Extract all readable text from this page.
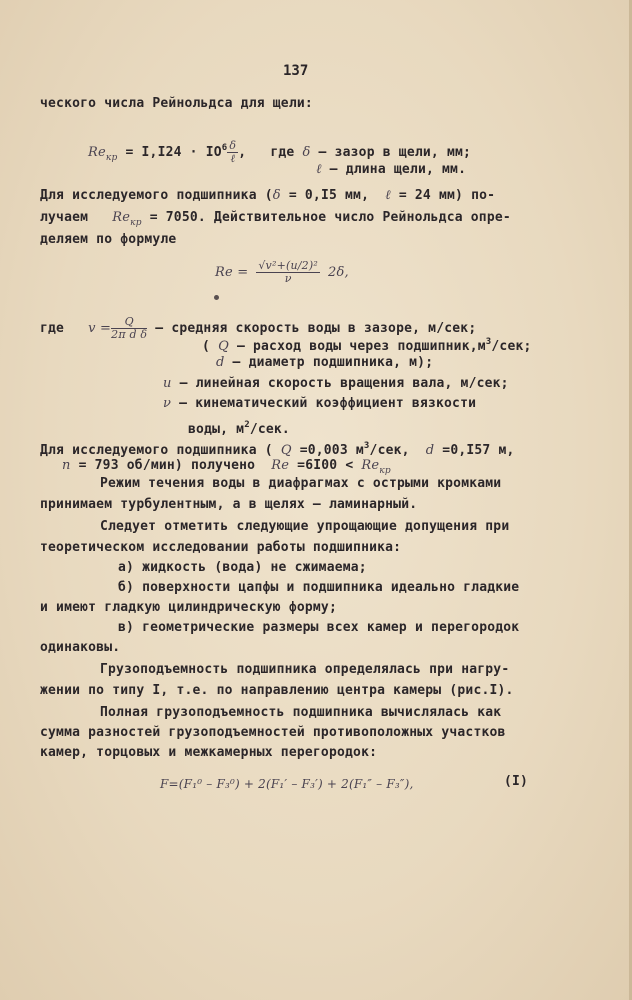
137
ческого числа Рейнольдса для щели:
$Re_{кр} = I,I24 \cdot IO^6 \frac{\delta}{\text{ℓ}}$ ,   где δ – зазор в щели, мм;
ℓ – длина щели, мм.
Для исследуемого подшипника (δ = 0,I5 мм, ℓ = 24 мм) по-
лучаем   $Re_{кр} = 7050$. Действительное число Рейнольдса опре-
деляем по формуле
$Re = \frac{\text{√v²+(u/2)²}}{\nu} 2\delta$,
где   $v = \frac{Q}{\text{2π d δ}}$ – средняя скорость воды в зазоре, м/сек;
( Q – расход воды через $подшипник,м^3$/сек;
d – диаметр подшипника, м);
u – линейная скорость вращения вала, м/сек;
ν – кинематический коэффициент вязкости
воды, $м^2$/сек.
Для исследуемого подшипника ( Q =0,003 $м^3$/сек,  d =0,I57 м,
n = 793 об/мин) получено  $Re =6I00 < Re_{кр}$
Режим течения воды в диафрагмах с острыми кромками
принимаем турбулентным, а в щелях – ламинарный.
Следует отметить следующие упрощающие допущения при
теоретическом исследовании работы подшипника:
а) жидкость (вода) не сжимаема;
б) поверхности цапфы и подшипника идеально гладкие
и имеют гладкую цилиндрическую форму;
в) геометрические размеры всех камер и перегородок
одинаковы.
Грузоподъемность подшипника определялась при нагру-
жении по типу I, т.е. по направлению центра камеры (рис.I).
Полная грузоподъемность подшипника вычислялась как
сумма разностей грузоподъемностей противоположных участков
камер, торцовых и межкамерных перегородок:
F=(F₁⁰ – F₃⁰) + 2(F₁′ – F₃′) + 2(F₁″ – F₃″),	(I)
